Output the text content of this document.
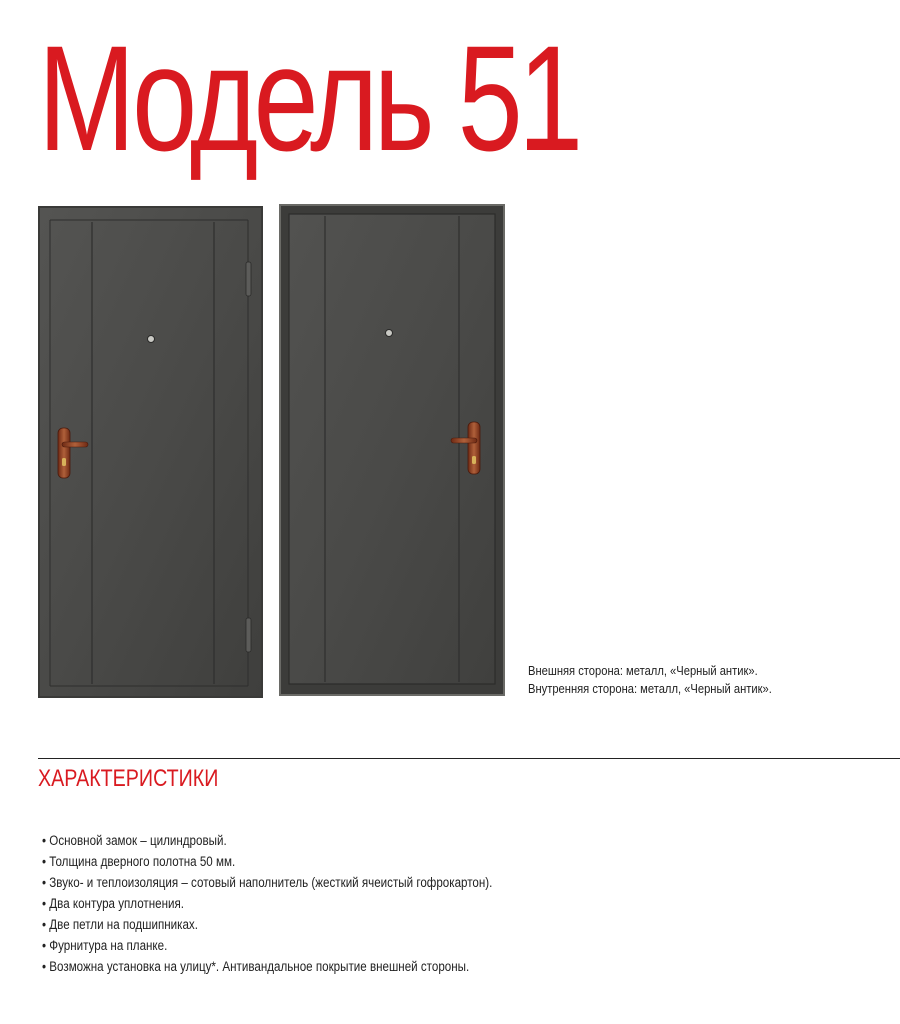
Модель 51
Внешняя сторона: металл, «Черный антик».
Внутренняя сторона: металл, «Черный антик».
ХАРАКТЕРИСТИКИ
• Основной замок – цилиндровый.
• Толщина дверного полотна 50 мм.
• Звуко- и теплоизоляция – сотовый наполнитель (жесткий ячеистый гофрокартон).
• Два контура уплотнения.
• Две петли на подшипниках.
• Фурнитура на планке.
• Возможна установка на улицу*. Антивандальное покрытие внешней стороны.
